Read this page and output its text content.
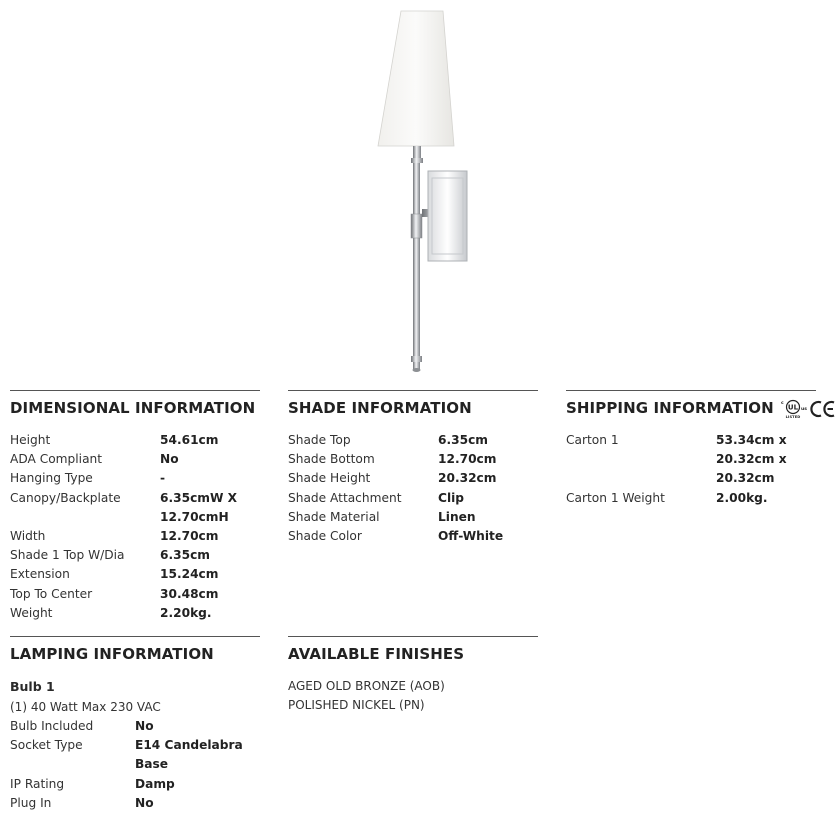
DIMENSIONAL INFORMATION
Height	54.61cm
ADA Compliant	No
Hanging Type	-
Canopy/Backplate	6.35cmW X 12.70cmH
Width	12.70cm
Shade 1 Top W/Dia	6.35cm
Extension	15.24cm
Top To Center	30.48cm
Weight	2.20kg.
SHADE INFORMATION
Shade Top	6.35cm
Shade Bottom	12.70cm
Shade Height	20.32cm
Shade Attachment	Clip
Shade Material	Linen
Shade Color	Off-White
SHIPPING INFORMATION c UL us
LISTED
Carton 1	53.34cm x 20.32cm x 20.32cm
Carton 1 Weight	2.00kg.
LAMPING INFORMATION
Bulb 1
(1) 40 Watt Max 230 VAC
Bulb Included	No
Socket Type	E14 Candelabra Base
IP Rating	Damp
Plug In	No
AVAILABLE FINISHES
AGED OLD BRONZE (AOB)
POLISHED NICKEL (PN)
